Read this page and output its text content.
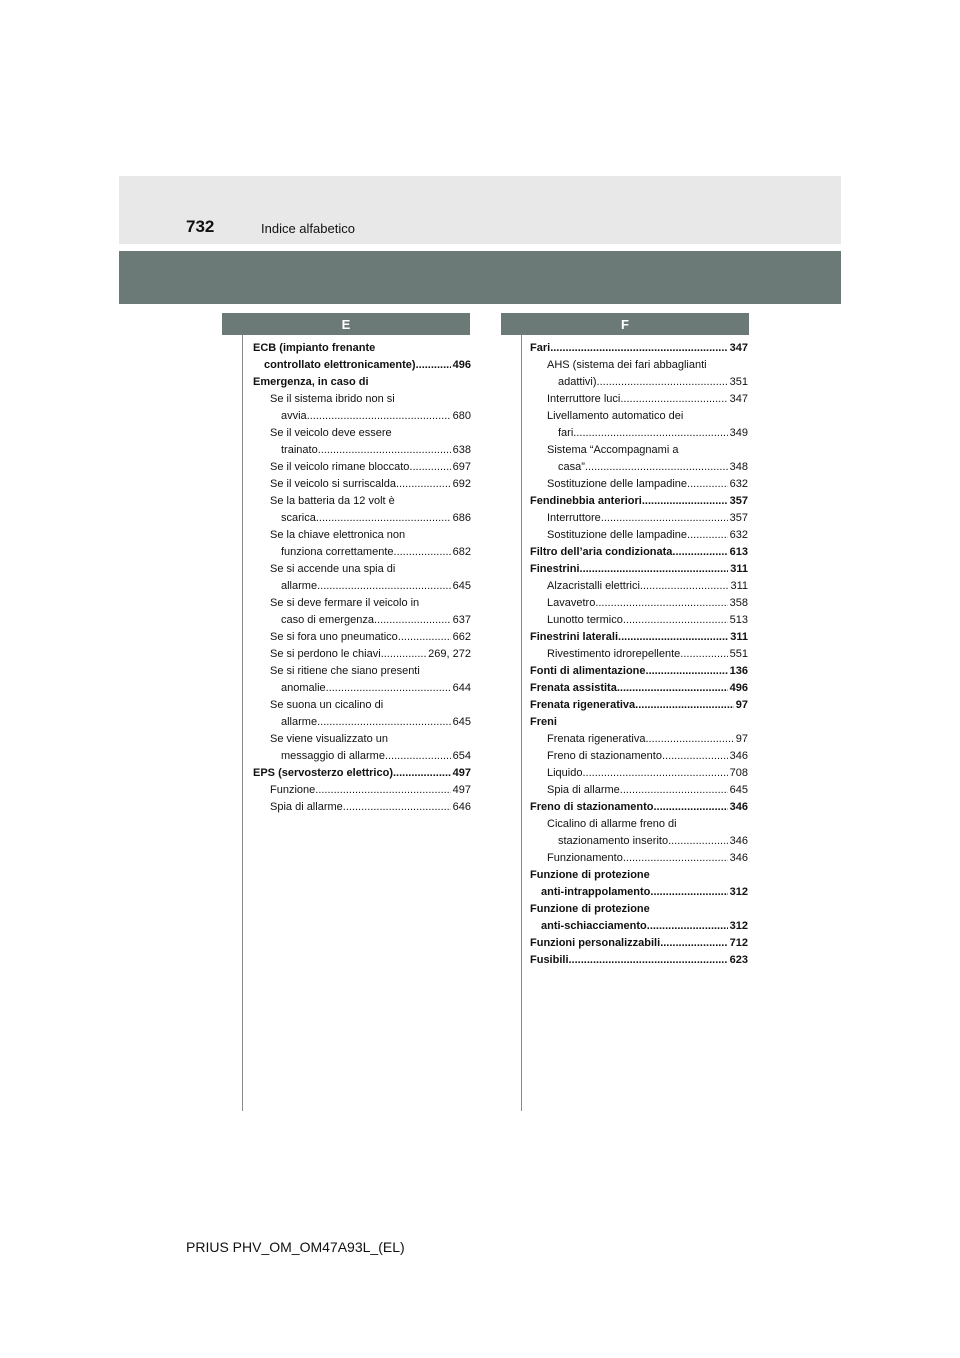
732	Indice alfabetico
E	F
ECB (impianto frenante
controllato elettronicamente) .....	496
Emergenza, in caso di
Se il sistema ibrido non si
avvia .....	680
Se il veicolo deve essere
trainato .....	638
Se il veicolo rimane bloccato .....	697
Se il veicolo si surriscalda .....	692
Se la batteria da 12 volt è
scarica .....	686
Se la chiave elettronica non
funziona correttamente .....	682
Se si accende una spia di
allarme .....	645
Se si deve fermare il veicolo in
caso di emergenza .....	637
Se si fora uno pneumatico .....	662
Se si perdono le chiavi .....	269, 272
Se si ritiene che siano presenti
anomalie .....	644
Se suona un cicalino di
allarme .....	645
Se viene visualizzato un
messaggio di allarme .....	654
EPS (servosterzo elettrico) .....	497
Funzione .....	497
Spia di allarme .....	646
Fari .....	347
AHS (sistema dei fari abbaglianti
adattivi) .....	351
Interruttore luci .....	347
Livellamento automatico dei
fari .....	349
Sistema “Accompagnami a
casa” .....	348
Sostituzione delle lampadine .....	632
Fendinebbia anteriori .....	357
Interruttore .....	357
Sostituzione delle lampadine .....	632
Filtro dell’aria condizionata .....	613
Finestrini .....	311
Alzacristalli elettrici .....	311
Lavavetro .....	358
Lunotto termico .....	513
Finestrini laterali .....	311
Rivestimento idrorepellente .....	551
Fonti di alimentazione .....	136
Frenata assistita .....	496
Frenata rigenerativa .....	97
Freni
Frenata rigenerativa .....	97
Freno di stazionamento .....	346
Liquido .....	708
Spia di allarme .....	645
Freno di stazionamento .....	346
Cicalino di allarme freno di
stazionamento inserito .....	346
Funzionamento .....	346
Funzione di protezione
anti-intrappolamento .....	312
Funzione di protezione
anti-schiacciamento .....	312
Funzioni personalizzabili .....	712
Fusibili .....	623
PRIUS PHV_OM_OM47A93L_(EL)
